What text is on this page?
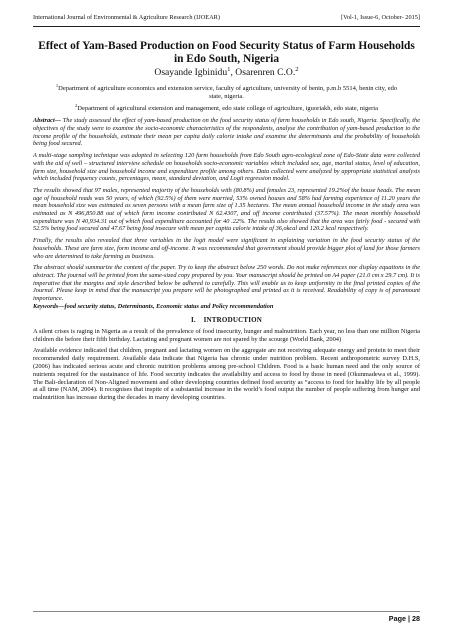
International Journal of Environmental & Agriculture Research (IJOEAR)	[Vol-1, Issue-6, October- 2015]
Effect of Yam-Based Production on Food Security Status of Farm Households in Edo South, Nigeria
Osayande Igbinidu$^1$, Osarenren C.O.$^2$

$^1$Department of agriculture economics and extension service, faculty of agriculture, university of benin, p.m.b 5514, benin city, edo state, nigeria.

$^2$Department of agricultural extension and management, edo state college of agriculture, iguoriakh, edo state, nigeria

Abstract— The study assessed the effect of yam-based production on the food security status of farm households in Edo south, Nigeria. Specifically, the objectives of the study were to examine the socio-economic characteristics of the respondents, analyse the contribution of yam-based production to the income profile of the households, estimate their mean per capita daily calorie intake and examine the determinants and the probability of households being food secured.

A multi-stage sampling technique was adopted in selecting 120 farm households from Edo South agro-ecological zone of Edo-State data were collected with the aid of well – structured interview schedule on households socio-economic variables which included sex, age, marital status, level of education, farm size, household size and household income and expenditure profile among others. Data collected were analyzed by appropriate statistical analysis which included frequency counts, percentages, mean, standard deviation, and Logit regression model.

The results showed that 97 males, represented majority of the households with (80.8%) and females 23, represented 19.2%of the house heads. The mean age of household reads was 50 years, of which (92.5%) of them were married, 53% owned houses and 58% had farming experience of 11.20 years the mean household size was estimated as seven persons with a mean farm size of 1.35 hectares. The mean annual household income in the study area was estimated as N 496,850.88 out of which farm income contributed N 62.4307, and off income contributed (37.57%). The mean monthly household expenditure was N 40,934.31 out of which food expenditure accounted for 40 .22%. The results also showed that the area was fairly food - secured with 52.5% being food secured and 47.67 being food insecure with mean per capita calorie intake of 36,okcal and 120.2 kcal respectively.

Finally, the results also revealed that three variables in the logit model were significant in explaining variation in the food security status of the households. These are farm size, form income and off-income. It was recommended that government should provide bigger plot of land for those farmers who are determined to take farming as business.

The abstract should summarize the content of the paper. Try to keep the abstract below 250 words. Do not make references nor display equations in the abstract. The journal will be printed from the same-sized copy prepared by you. Your manuscript should be printed on A4 paper (21.0 cm x 29.7 cm). It is imperative that the margins and style described below be adhered to carefully. This will enable us to keep uniformity in the final printed copies of the Journal. Please keep in mind that the manuscript you prepare will be photographed and printed as it is received. Readability of copy is of paramount importance.

Keywords—food security status, Determinants, Economic status and Policy recommendation

I. INTRODUCTION

A silent crises is raging in Nigeria as a result of the prevalence of food insecurity, hunger and malnutrition. Each year, no less than one million Nigeria children die before their fifth birthday. Lactating and pregnant women are not spared by the scourge (World Bank, 2004)

Available evidence indicated that children, pregnant and lactating women on the aggregate are not receiving adequate energy and protein to meet their recommended daily requirement. Available data indicate that Nigeria has chronic under nutrition problem. Recent anthropometric survey D.H.S, (2006) has indicated serious acute and chronic nutrition problems among pre-school Children. Food is a basic human need and the only source of nutrients required for the sustainance of life. Food security indicates the availability and access to food by those in need (Okunmadewa et al., 1999). The Bali-declaration of Non-Aligned movement and other developing countries defined food security as “access to food for healthy life by all people at all time (NAM, 2004). It recognises that inspite of a substantial increase in the world’s food output the number of people suffering from hunger and malnutrition has increase during the decades in many developing countries.

Page | 28
